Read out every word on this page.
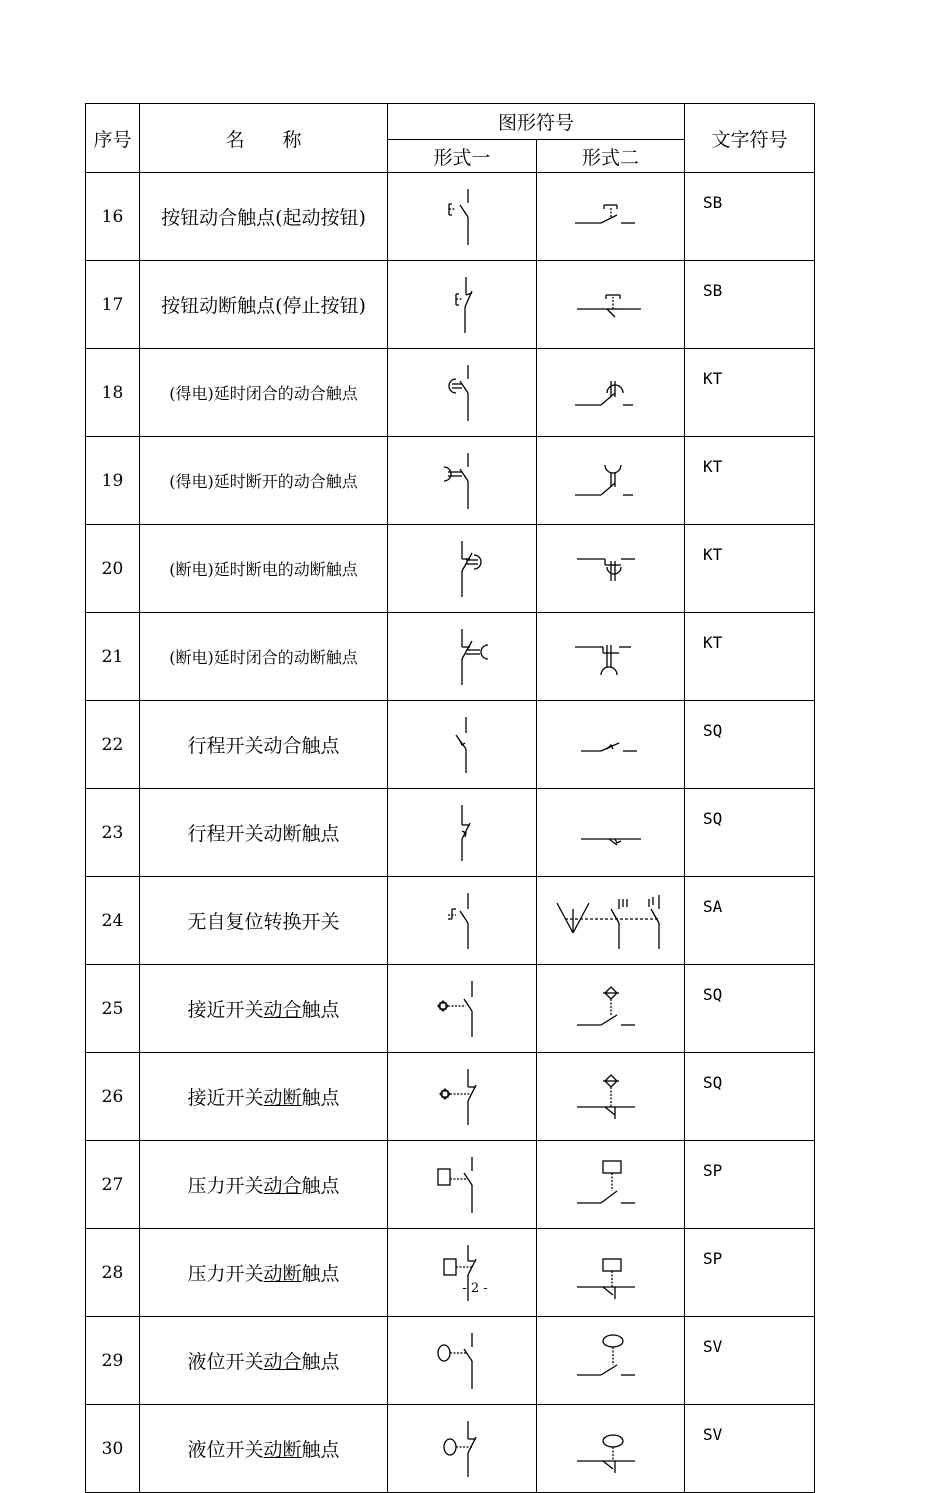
序号	名　　称	图形符号		文字符号
		形式一	形式二	
16	按钮动合触点(起动按钮)			SB
17	按钮动断触点(停止按钮)			SB
18	(得电)延时闭合的动合触点			KT
19	(得电)延时断开的动合触点			KT
20	(断电)延时断电的动断触点			KT
21	(断电)延时闭合的动断触点			KT
22	行程开关动合触点			SQ
23	行程开关动断触点			SQ
24	无自复位转换开关			SA
25	接近开关动合触点			SQ
26	接近开关动断触点			SQ
27	压力开关动合触点			SP
28	压力开关动断触点			SP
29	液位开关动合触点			SV
30	液位开关动断触点			SV
- 2 -
